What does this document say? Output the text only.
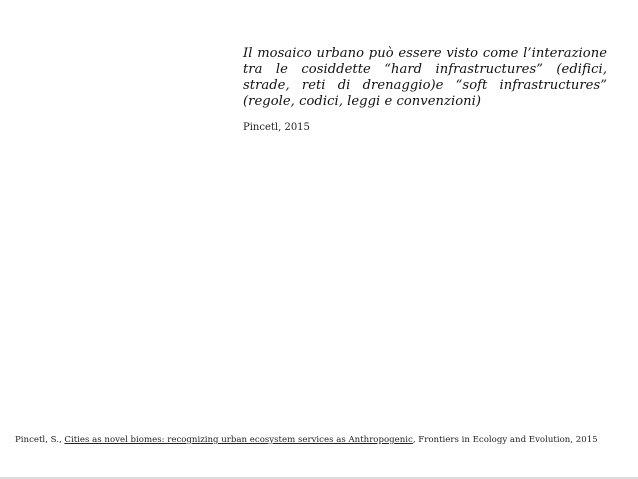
Il mosaico urbano può essere visto come l’interazione tra le cosiddette “hard infrastructures” (edifici, strade, reti di drenaggio)e “soft infrastructures” (regole, codici, leggi e convenzioni)

Pincetl, 2015

Pincetl, S., Cities as novel biomes: recognizing urban ecosystem services as Anthropogenic, Frontiers in Ecology and Evolution, 2015
